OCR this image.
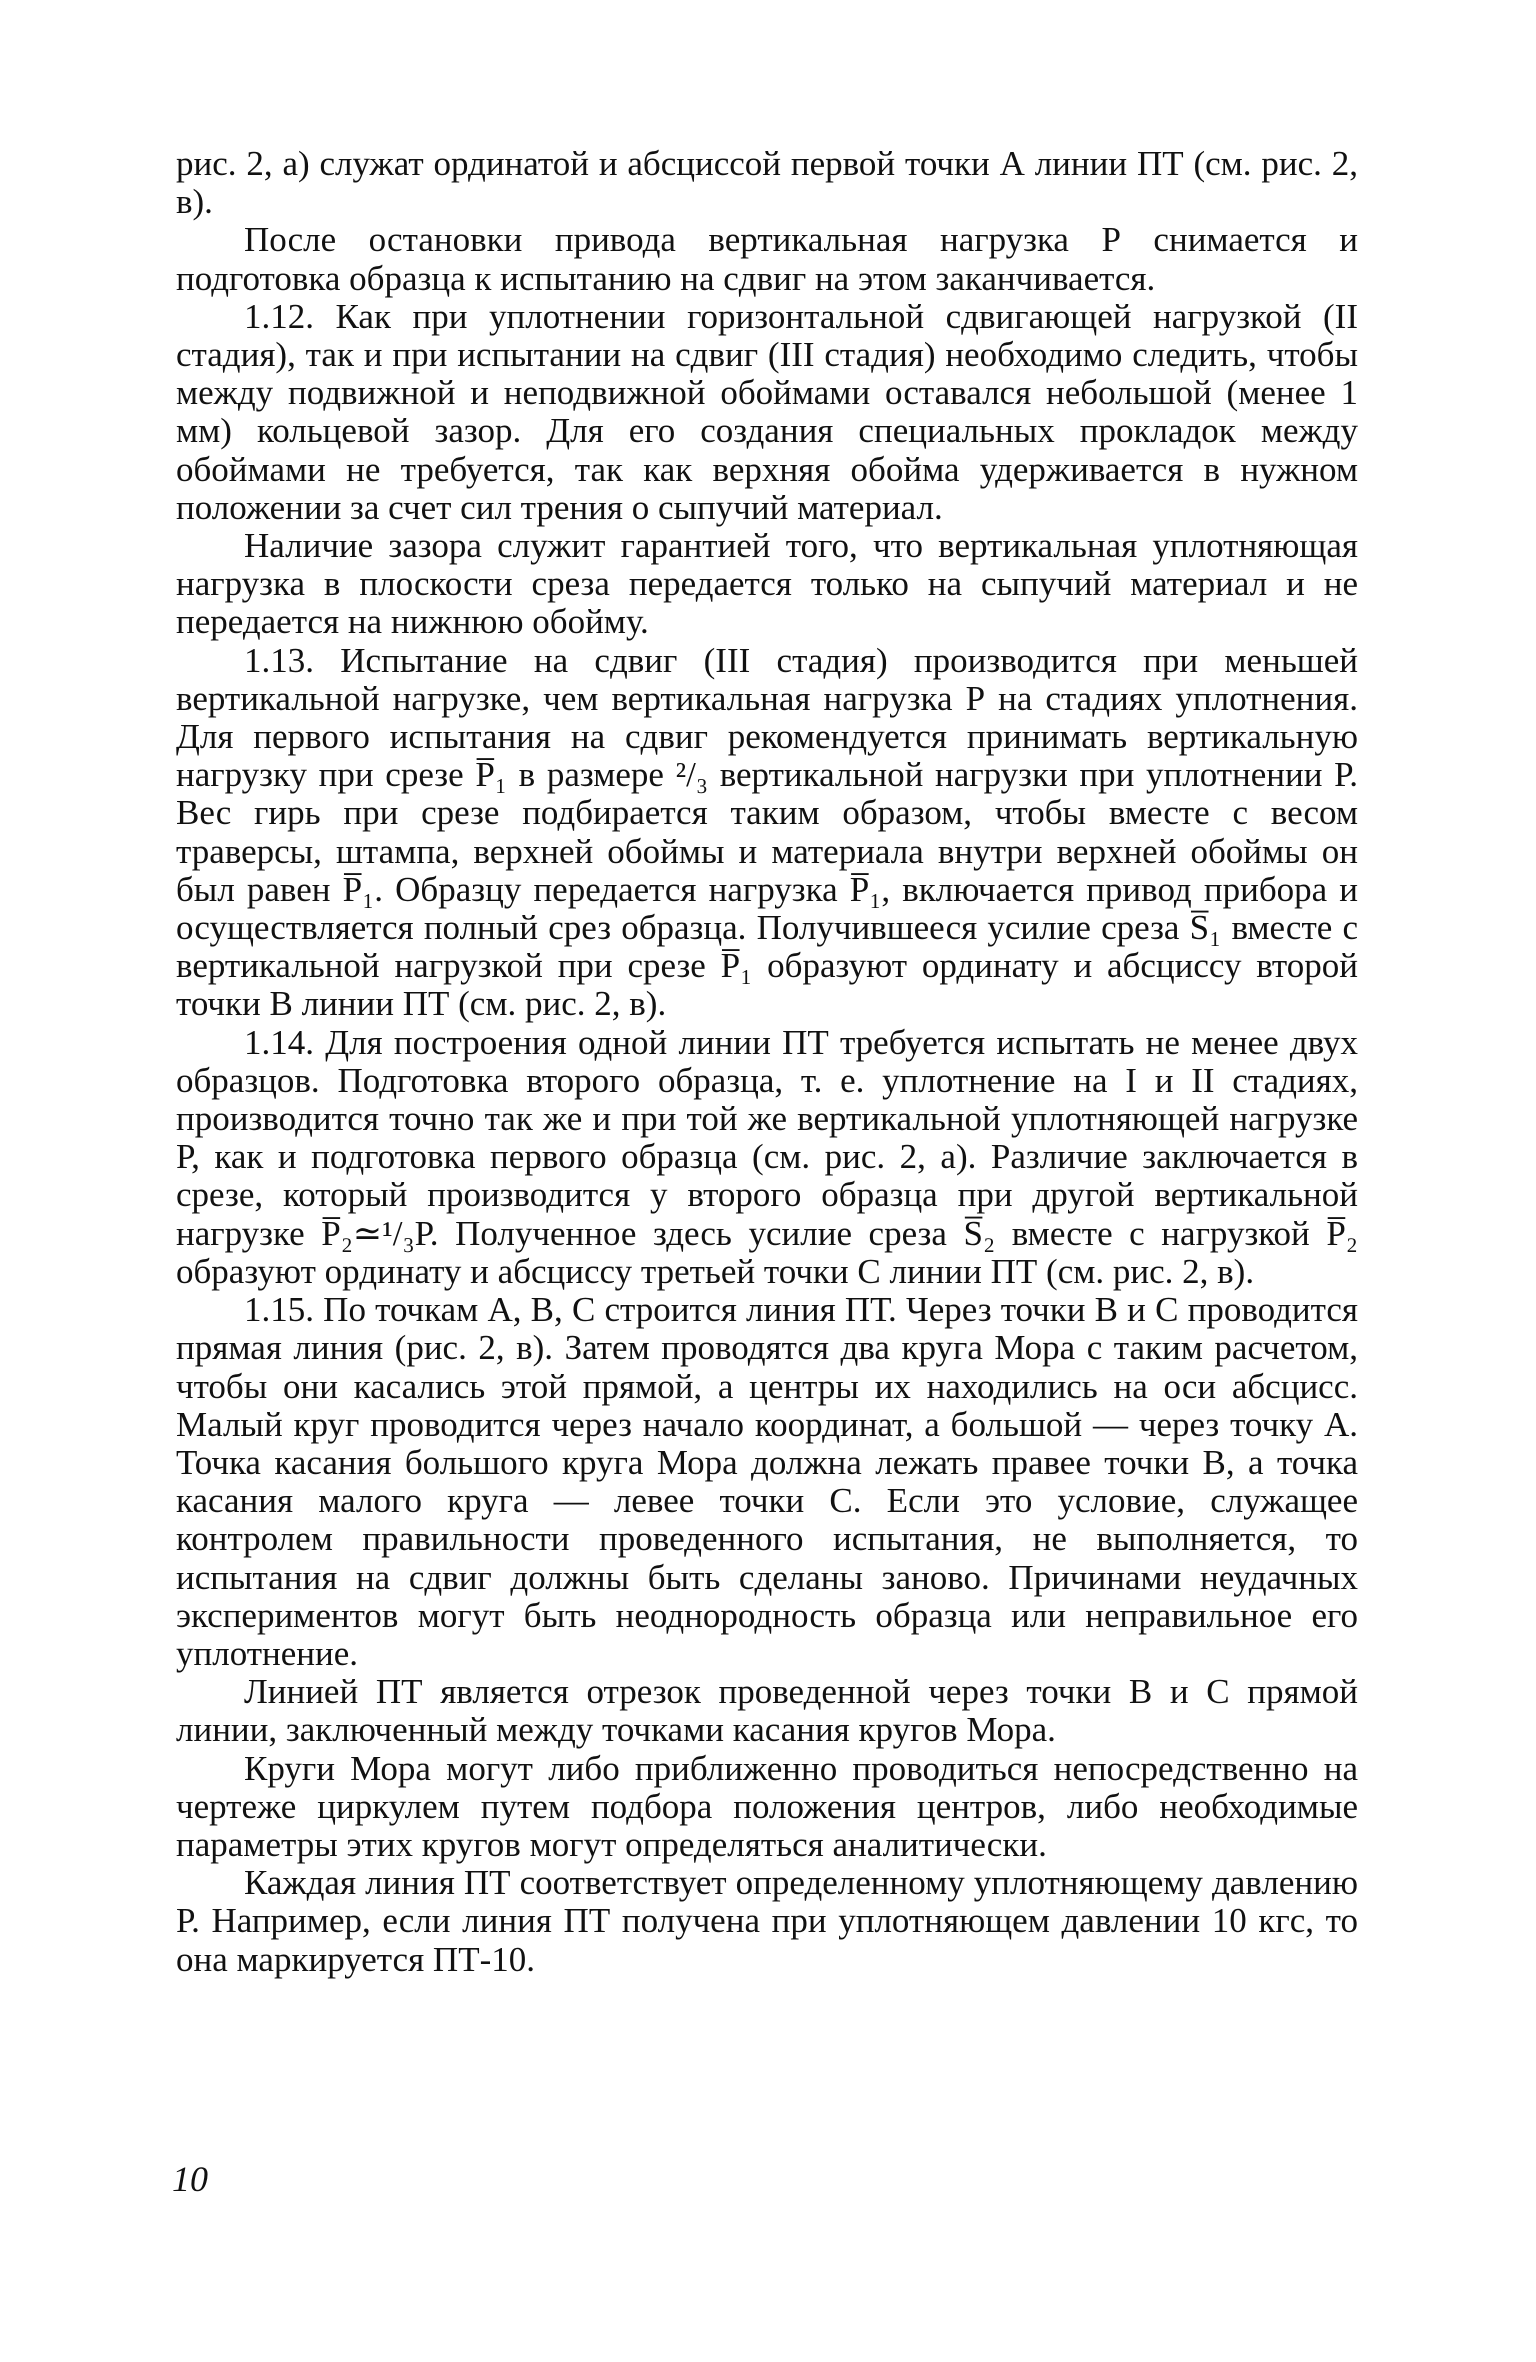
рис. 2, а) служат ординатой и абсциссой первой точки А линии ПТ (см. рис. 2, в).

После остановки привода вертикальная нагрузка Р снимается и подготовка образца к испытанию на сдвиг на этом заканчивается.

1.12. Как при уплотнении горизонтальной сдвигающей нагрузкой (II стадия), так и при испытании на сдвиг (III стадия) необходимо следить, чтобы между подвижной и неподвижной обоймами оставался небольшой (менее 1 мм) кольцевой зазор. Для его создания специальных прокладок между обоймами не требуется, так как верхняя обойма удерживается в нужном положении за счет сил трения о сыпучий материал.

Наличие зазора служит гарантией того, что вертикальная уплотняющая нагрузка в плоскости среза передается только на сыпучий материал и не передается на нижнюю обойму.

1.13. Испытание на сдвиг (III стадия) производится при меньшей вертикальной нагрузке, чем вертикальная нагрузка Р на стадиях уплотнения. Для первого испытания на сдвиг рекомендуется принимать вертикальную нагрузку при срезе P̅₁ в размере ²/₃ вертикальной нагрузки при уплотнении Р. Вес гирь при срезе подбирается таким образом, чтобы вместе с весом траверсы, штампа, верхней обоймы и материала внутри верхней обоймы он был равен P̅₁. Образцу передается нагрузка P̅₁, включается привод прибора и осуществляется полный срез образца. Получившееся усилие среза S̅₁ вместе с вертикальной нагрузкой при срезе P̅₁ образуют ординату и абсциссу второй точки В линии ПТ (см. рис. 2, в).

1.14. Для построения одной линии ПТ требуется испытать не менее двух образцов. Подготовка второго образца, т. е. уплотнение на I и II стадиях, производится точно так же и при той же вертикальной уплотняющей нагрузке Р, как и подготовка первого образца (см. рис. 2, а). Различие заключается в срезе, который производится у второго образца при другой вертикальной нагрузке P̅₂≃¹/₃Р. Полученное здесь усилие среза S̅₂ вместе с нагрузкой P̅₂ образуют ординату и абсциссу третьей точки С линии ПТ (см. рис. 2, в).

1.15. По точкам А, В, С строится линия ПТ. Через точки В и С проводится прямая линия (рис. 2, в). Затем проводятся два круга Мора с таким расчетом, чтобы они касались этой прямой, а центры их находились на оси абсцисс. Малый круг проводится через начало координат, а большой — через точку А. Точка касания большого круга Мора должна лежать правее точки В, а точка касания малого круга — левее точки С. Если это условие, служащее контролем правильности проведенного испытания, не выполняется, то испытания на сдвиг должны быть сделаны заново. Причинами неудачных экспериментов могут быть неоднородность образца или неправильное его уплотнение.

Линией ПТ является отрезок проведенной через точки В и С прямой линии, заключенный между точками касания кругов Мора.

Круги Мора могут либо приближенно проводиться непосредственно на чертеже циркулем путем подбора положения центров, либо необходимые параметры этих кругов могут определяться аналитически.

Каждая линия ПТ соответствует определенному уплотняющему давлению Р. Например, если линия ПТ получена при уплотняющем давлении 10 кгс, то она маркируется ПТ-10.

10
